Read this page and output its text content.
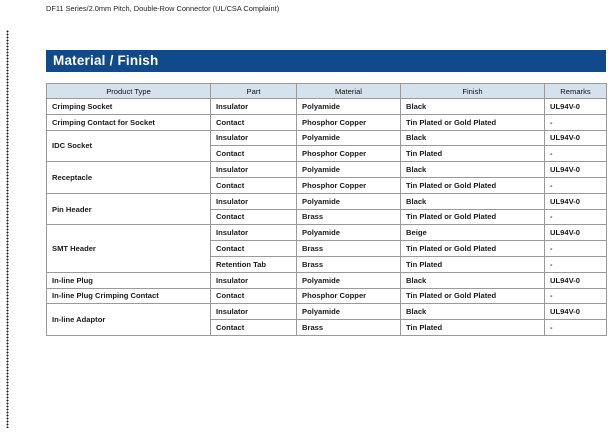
DF11 Series/2.0mm Pitch, Double-Row Connector (UL/CSA Complaint)
Material / Finish
Product Type	Part	Material	Finish	Remarks
Crimping Socket	Insulator	Polyamide	Black	UL94V-0
Crimping Contact for Socket	Contact	Phosphor Copper	Tin Plated or Gold Plated	-
IDC Socket	Insulator	Polyamide	Black	UL94V-0
	Contact	Phosphor Copper	Tin Plated	-
Receptacle	Insulator	Polyamide	Black	UL94V-0
	Contact	Phosphor Copper	Tin Plated or Gold Plated	-
Pin Header	Insulator	Polyamide	Black	UL94V-0
	Contact	Brass	Tin Plated or Gold Plated	-
SMT Header	Insulator	Polyamide	Beige	UL94V-0
	Contact	Brass	Tin Plated or Gold Plated	-
	Retention Tab	Brass	Tin Plated	-
In-line Plug	Insulator	Polyamide	Black	UL94V-0
In-line Plug Crimping Contact	Contact	Phosphor Copper	Tin Plated or Gold Plated	-
In-line Adaptor	Insulator	Polyamide	Black	UL94V-0
	Contact	Brass	Tin Plated	-
